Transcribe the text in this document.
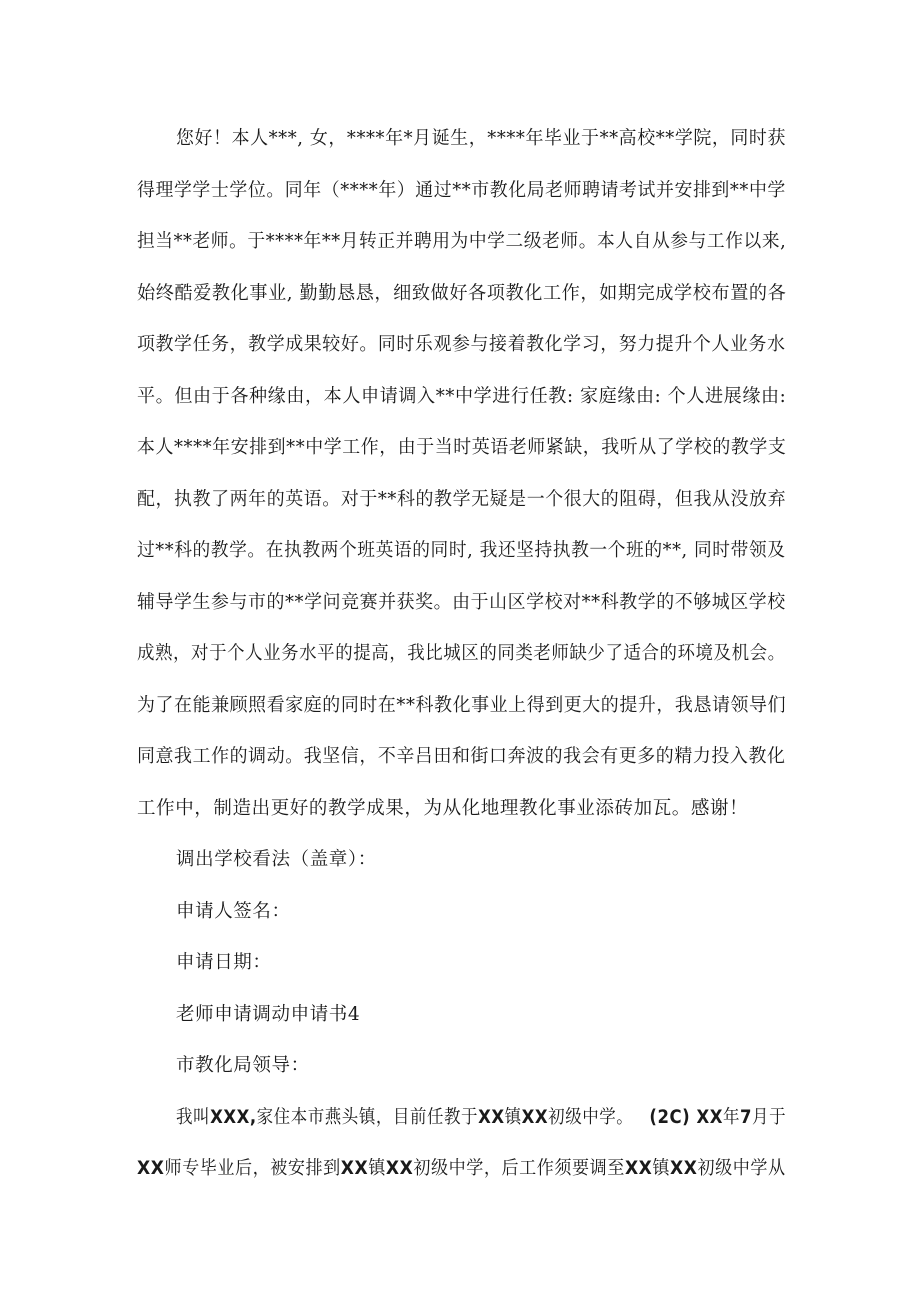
您好！本人***, 女，****年*月诞生，****年毕业于**高校**学院，同时获
得理学学士学位。同年（****年）通过**市教化局老师聘请考试并安排到**中学
担当**老师。于****年**月转正并聘用为中学二级老师。本人自从参与工作以来,
始终酷爱教化事业, 勤勤恳恳，细致做好各项教化工作，如期完成学校布置的各
项教学任务，教学成果较好。同时乐观参与接着教化学习，努力提升个人业务水
平。但由于各种缘由，本人申请调入**中学进行任教: 家庭缘由: 个人进展缘由:
本人****年安排到**中学工作，由于当时英语老师紧缺，我听从了学校的教学支
配，执教了两年的英语。对于**科的教学无疑是一个很大的阻碍，但我从没放弃
过**科的教学。在执教两个班英语的同时, 我还坚持执教一个班的**, 同时带领及
辅导学生参与市的**学问竞赛并获奖。由于山区学校对**科教学的不够城区学校
成熟，对于个人业务水平的提高，我比城区的同类老师缺少了适合的环境及机会。
为了在能兼顾照看家庭的同时在**科教化事业上得到更大的提升，我恳请领导们
同意我工作的调动。我坚信，不辛吕田和街口奔波的我会有更多的精力投入教化
工作中，制造出更好的教学成果，为从化地理教化事业添砖加瓦。感谢！
调出学校看法（盖章）：
申请人签名：
申请日期：
老师申请调动申请书4
市教化局领导：
我叫XXX,家住本市燕头镇，目前任教于XX镇XX初级中学。 (2C) XX年7月于
XX师专毕业后，被安排到XX镇XX初级中学，后工作须要调至XX镇XX初级中学从
